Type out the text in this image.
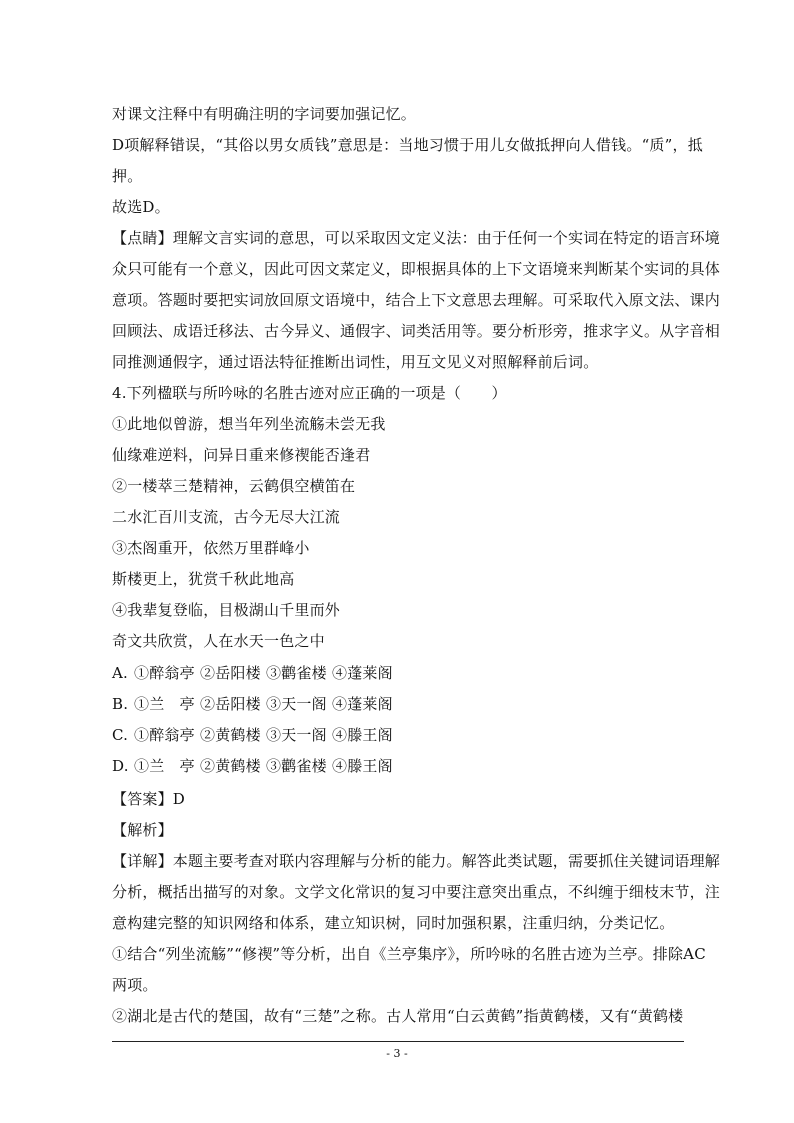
对课文注释中有明确注明的字词要加强记忆。
D项解释错误，“其俗以男女质钱”意思是：当地习惯于用儿女做抵押向人借钱。“质”，抵
押。
故选D。
【点睛】理解文言实词的意思，可以采取因文定义法：由于任何一个实词在特定的语言环境
众只可能有一个意义，因此可因文菜定义，即根据具体的上下文语境来判断某个实词的具体
意项。答题时要把实词放回原文语境中，结合上下文意思去理解。可采取代入原文法、课内
回顾法、成语迁移法、古今异义、通假字、词类活用等。要分析形旁，推求字义。从字音相
同推测通假字，通过语法特征推断出词性，用互文见义对照解释前后词。
4.下列楹联与所吟咏的名胜古迹对应正确的一项是（　　）
①此地似曾游，想当年列坐流觞未尝无我
仙缘难逆料，问异日重来修禊能否逢君
②一楼萃三楚精神，云鹤俱空横笛在
二水汇百川支流，古今无尽大江流
③杰阁重开，依然万里群峰小
斯楼更上，犹赏千秋此地高
④我辈复登临，目极湖山千里而外
奇文共欣赏，人在水天一色之中
A. ①醉翁亭 ②岳阳楼 ③鹳雀楼 ④蓬莱阁
B. ①兰　亭 ②岳阳楼 ③天一阁 ④蓬莱阁
C. ①醉翁亭 ②黄鹤楼 ③天一阁 ④滕王阁
D. ①兰　亭 ②黄鹤楼 ③鹳雀楼 ④滕王阁
【答案】D
【解析】
【详解】本题主要考查对联内容理解与分析的能力。解答此类试题，需要抓住关键词语理解
分析，概括出描写的对象。文学文化常识的复习中要注意突出重点，不纠缠于细枝末节，注
意构建完整的知识网络和体系，建立知识树，同时加强积累，注重归纳，分类记忆。
①结合“列坐流觞”“修禊”等分析，出自《兰亭集序》，所吟咏的名胜古迹为兰亭。排除AC
两项。
②湖北是古代的楚国，故有“三楚”之称。古人常用“白云黄鹤”指黄鹤楼，又有“黄鹤楼
- 3 -
